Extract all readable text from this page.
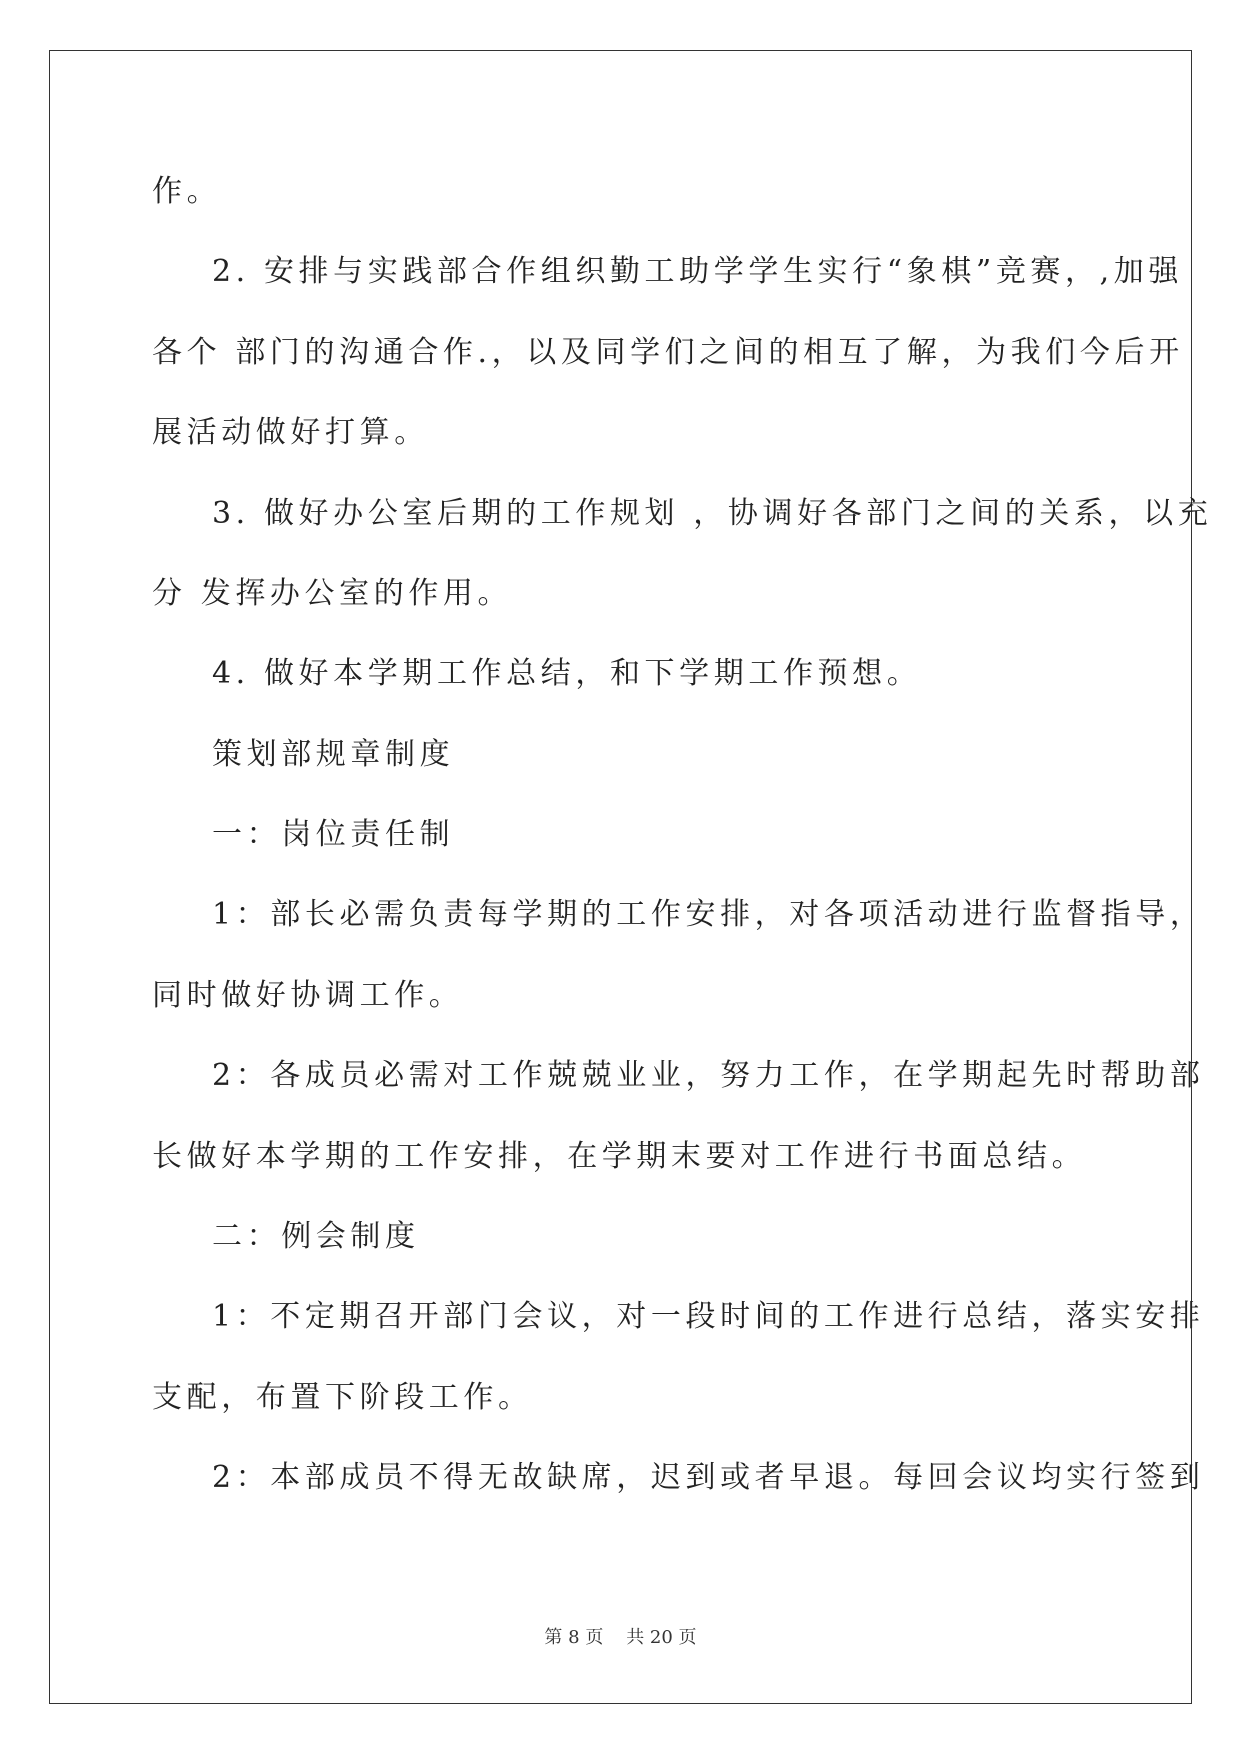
作。

2. 安排与实践部合作组织勤工助学学生实行“象棋”竞赛，,加强

各个 部门的沟通合作.，以及同学们之间的相互了解，为我们今后开

展活动做好打算。

3. 做好办公室后期的工作规划 ，协调好各部门之间的关系，以充

分 发挥办公室的作用。

4. 做好本学期工作总结，和下学期工作预想。

策划部规章制度

一：岗位责任制

1：部长必需负责每学期的工作安排，对各项活动进行监督指导，

同时做好协调工作。

2：各成员必需对工作兢兢业业，努力工作，在学期起先时帮助部

长做好本学期的工作安排，在学期末要对工作进行书面总结。

二：例会制度

1：不定期召开部门会议，对一段时间的工作进行总结，落实安排

支配，布置下阶段工作。

2：本部成员不得无故缺席，迟到或者早退。每回会议均实行签到

第 8 页    共 20 页
